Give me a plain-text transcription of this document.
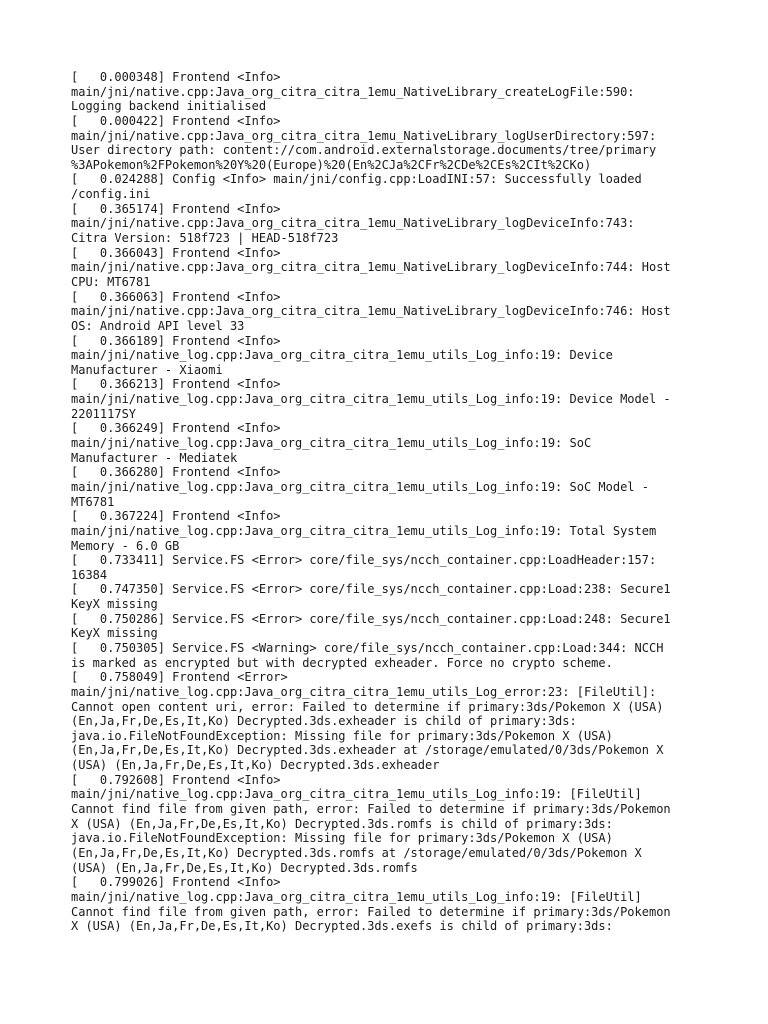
[   0.000348] Frontend <Info>
main/jni/native.cpp:Java_org_citra_citra_1emu_NativeLibrary_createLogFile:590:
Logging backend initialised
[   0.000422] Frontend <Info>
main/jni/native.cpp:Java_org_citra_citra_1emu_NativeLibrary_logUserDirectory:597:
User directory path: content://com.android.externalstorage.documents/tree/primary
%3APokemon%2FPokemon%20Y%20(Europe)%20(En%2CJa%2CFr%2CDe%2CEs%2CIt%2CKo)
[   0.024288] Config <Info> main/jni/config.cpp:LoadINI:57: Successfully loaded
/config.ini
[   0.365174] Frontend <Info>
main/jni/native.cpp:Java_org_citra_citra_1emu_NativeLibrary_logDeviceInfo:743:
Citra Version: 518f723 | HEAD-518f723
[   0.366043] Frontend <Info>
main/jni/native.cpp:Java_org_citra_citra_1emu_NativeLibrary_logDeviceInfo:744: Host
CPU: MT6781
[   0.366063] Frontend <Info>
main/jni/native.cpp:Java_org_citra_citra_1emu_NativeLibrary_logDeviceInfo:746: Host
OS: Android API level 33
[   0.366189] Frontend <Info>
main/jni/native_log.cpp:Java_org_citra_citra_1emu_utils_Log_info:19: Device
Manufacturer - Xiaomi
[   0.366213] Frontend <Info>
main/jni/native_log.cpp:Java_org_citra_citra_1emu_utils_Log_info:19: Device Model -
2201117SY
[   0.366249] Frontend <Info>
main/jni/native_log.cpp:Java_org_citra_citra_1emu_utils_Log_info:19: SoC
Manufacturer - Mediatek
[   0.366280] Frontend <Info>
main/jni/native_log.cpp:Java_org_citra_citra_1emu_utils_Log_info:19: SoC Model -
MT6781
[   0.367224] Frontend <Info>
main/jni/native_log.cpp:Java_org_citra_citra_1emu_utils_Log_info:19: Total System
Memory - 6.0 GB
[   0.733411] Service.FS <Error> core/file_sys/ncch_container.cpp:LoadHeader:157:
16384
[   0.747350] Service.FS <Error> core/file_sys/ncch_container.cpp:Load:238: Secure1
KeyX missing
[   0.750286] Service.FS <Error> core/file_sys/ncch_container.cpp:Load:248: Secure1
KeyX missing
[   0.750305] Service.FS <Warning> core/file_sys/ncch_container.cpp:Load:344: NCCH
is marked as encrypted but with decrypted exheader. Force no crypto scheme.
[   0.758049] Frontend <Error>
main/jni/native_log.cpp:Java_org_citra_citra_1emu_utils_Log_error:23: [FileUtil]:
Cannot open content uri, error: Failed to determine if primary:3ds/Pokemon X (USA)
(En,Ja,Fr,De,Es,It,Ko) Decrypted.3ds.exheader is child of primary:3ds:
java.io.FileNotFoundException: Missing file for primary:3ds/Pokemon X (USA)
(En,Ja,Fr,De,Es,It,Ko) Decrypted.3ds.exheader at /storage/emulated/0/3ds/Pokemon X
(USA) (En,Ja,Fr,De,Es,It,Ko) Decrypted.3ds.exheader
[   0.792608] Frontend <Info>
main/jni/native_log.cpp:Java_org_citra_citra_1emu_utils_Log_info:19: [FileUtil]
Cannot find file from given path, error: Failed to determine if primary:3ds/Pokemon
X (USA) (En,Ja,Fr,De,Es,It,Ko) Decrypted.3ds.romfs is child of primary:3ds:
java.io.FileNotFoundException: Missing file for primary:3ds/Pokemon X (USA)
(En,Ja,Fr,De,Es,It,Ko) Decrypted.3ds.romfs at /storage/emulated/0/3ds/Pokemon X
(USA) (En,Ja,Fr,De,Es,It,Ko) Decrypted.3ds.romfs
[   0.799026] Frontend <Info>
main/jni/native_log.cpp:Java_org_citra_citra_1emu_utils_Log_info:19: [FileUtil]
Cannot find file from given path, error: Failed to determine if primary:3ds/Pokemon
X (USA) (En,Ja,Fr,De,Es,It,Ko) Decrypted.3ds.exefs is child of primary:3ds:
